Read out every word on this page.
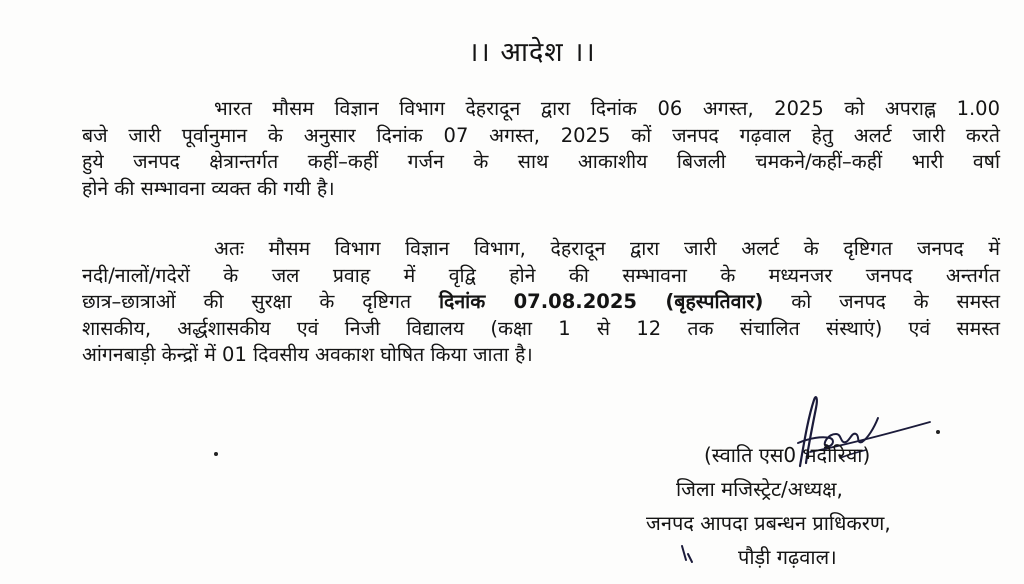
।। आदेश ।।
भारत मौसम विज्ञान विभाग देहरादून द्वारा दिनांक 06 अगस्त, 2025 को अपराह्न 1.00
बजे जारी पूर्वानुमान के अनुसार दिनांक 07 अगस्त, 2025 कों जनपद गढ़वाल हेतु अलर्ट जारी करते
हुये जनपद क्षेत्रान्तर्गत कहीं–कहीं गर्जन के साथ आकाशीय बिजली चमकने/कहीं–कहीं भारी वर्षा
होने की सम्भावना व्यक्त की गयी है।
अतः मौसम विभाग विज्ञान विभाग, देहरादून द्वारा जारी अलर्ट के दृष्टिगत जनपद में
नदी/नालों/गदेरों के जल प्रवाह में वृद्वि होने की सम्भावना के मध्यनजर जनपद अन्तर्गत
छात्र–छात्राओं की सुरक्षा के दृष्टिगत दिनांक 07.08.2025 (बृहस्पतिवार) को जनपद के समस्त
शासकीय, अर्द्धशासकीय एवं निजी विद्यालय (कक्षा 1 से 12 तक संचालित संस्थाएं) एवं समस्त
आंगनबाड़ी केन्द्रों में 01 दिवसीय अवकाश घोषित किया जाता है।
(स्वाति एस0 भदौरिया)
जिला मजिस्ट्रेट/अध्यक्ष,
जनपद आपदा प्रबन्धन प्राधिकरण,
पौड़ी गढ़वाल।
